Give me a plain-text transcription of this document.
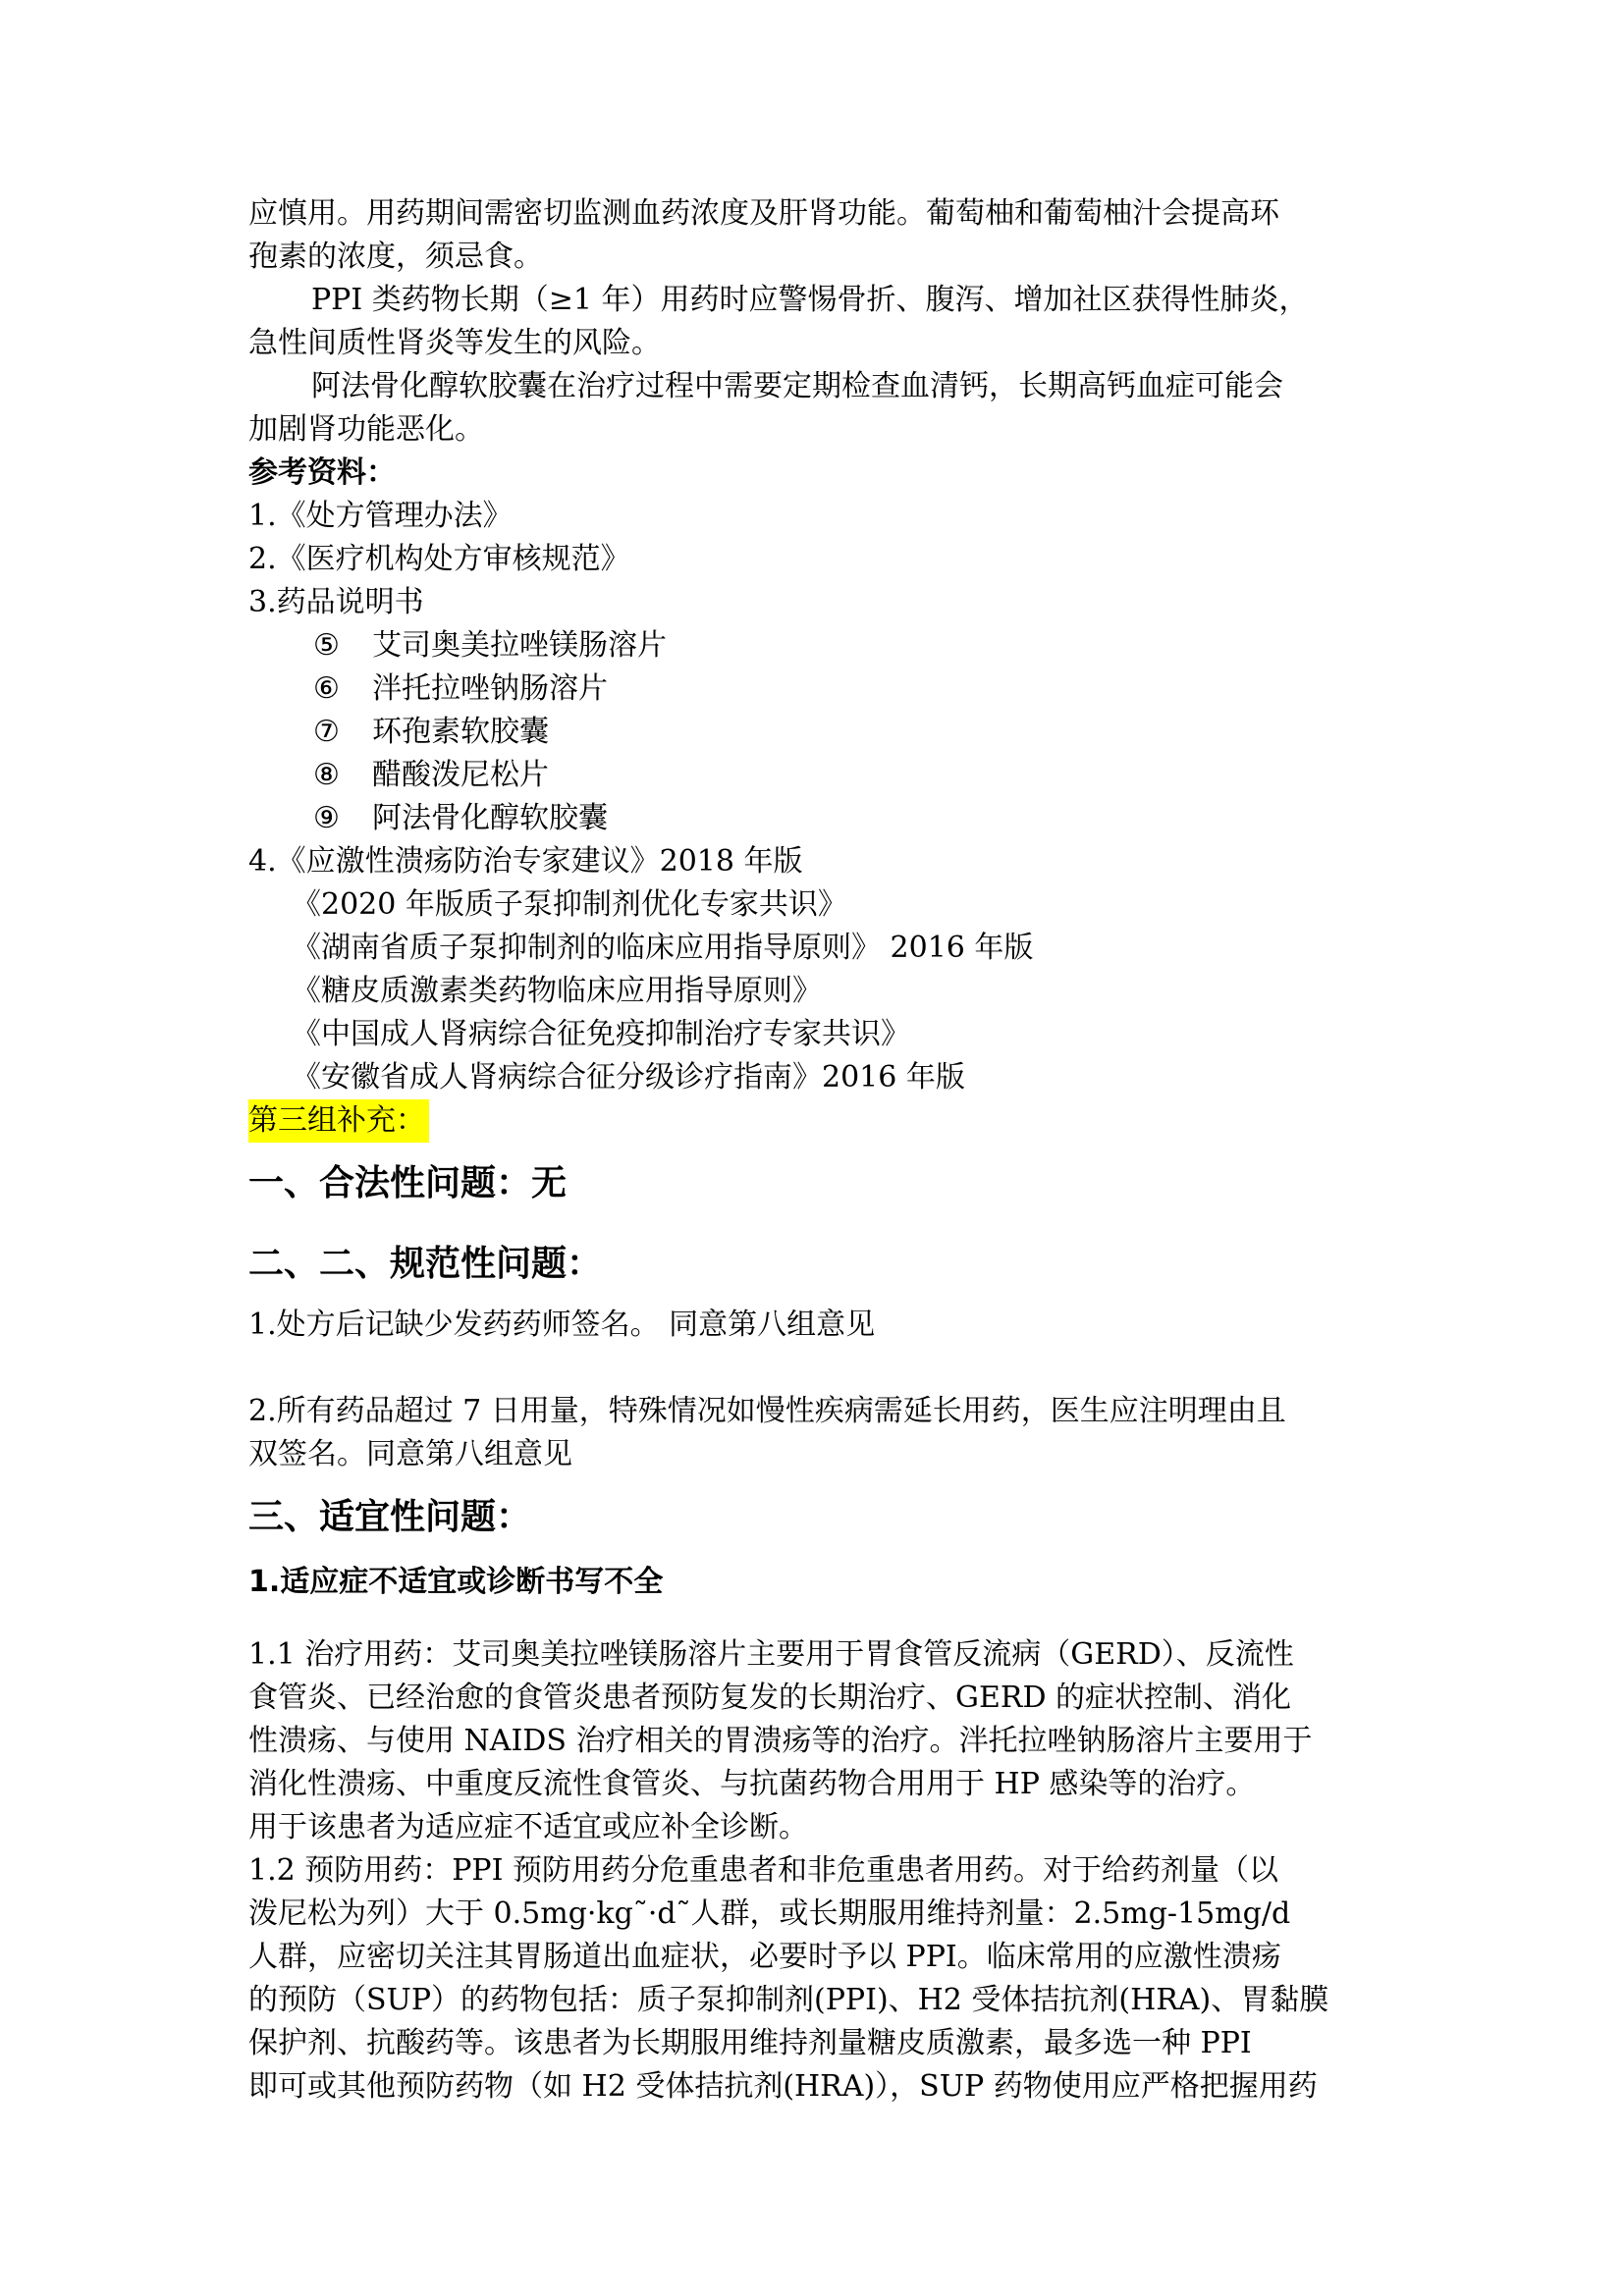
应慎用。用药期间需密切监测血药浓度及肝肾功能。葡萄柚和葡萄柚汁会提高环

孢素的浓度，须忌食。

PPI 类药物长期（≥1 年）用药时应警惕骨折、腹泻、增加社区获得性肺炎，

急性间质性肾炎等发生的风险。

阿法骨化醇软胶囊在治疗过程中需要定期检查血清钙，长期高钙血症可能会

加剧肾功能恶化。

参考资料：

1.《处方管理办法》

2.《医疗机构处方审核规范》

3.药品说明书

⑤ 艾司奥美拉唑镁肠溶片

⑥ 泮托拉唑钠肠溶片

⑦ 环孢素软胶囊

⑧ 醋酸泼尼松片

⑨ 阿法骨化醇软胶囊

4.《应激性溃疡防治专家建议》2018 年版

《2020 年版质子泵抑制剂优化专家共识》

《湖南省质子泵抑制剂的临床应用指导原则》 2016 年版

《糖皮质激素类药物临床应用指导原则》

《中国成人肾病综合征免疫抑制治疗专家共识》

《安徽省成人肾病综合征分级诊疗指南》2016 年版

第三组补充：

一、合法性问题：无
二、二、规范性问题：

1.处方后记缺少发药药师签名。 同意第八组意见

2.所有药品超过 7 日用量，特殊情况如慢性疾病需延长用药，医生应注明理由且

双签名。同意第八组意见

三、适宜性问题：

1.适应症不适宜或诊断书写不全

1.1 治疗用药：艾司奥美拉唑镁肠溶片主要用于胃食管反流病（GERD）、反流性

食管炎、已经治愈的食管炎患者预防复发的长期治疗、GERD 的症状控制、消化

性溃疡、与使用 NAIDS 治疗相关的胃溃疡等的治疗。泮托拉唑钠肠溶片主要用于

消化性溃疡、中重度反流性食管炎、与抗菌药物合用用于 HP 感染等的治疗。

用于该患者为适应症不适宜或应补全诊断。

1.2 预防用药：PPI 预防用药分危重患者和非危重患者用药。对于给药剂量（以

泼尼松为列）大于 0.5mg·kg˜·d˜人群，或长期服用维持剂量：2.5mg-15mg/d

人群，应密切关注其胃肠道出血症状，必要时予以 PPI。临床常用的应激性溃疡

的预防（SUP）的药物包括：质子泵抑制剂(PPI)、H2 受体拮抗剂(HRA)、胃黏膜

保护剂、抗酸药等。该患者为长期服用维持剂量糖皮质激素，最多选一种 PPI

即可或其他预防药物（如 H2 受体拮抗剂(HRA)），SUP 药物使用应严格把握用药
